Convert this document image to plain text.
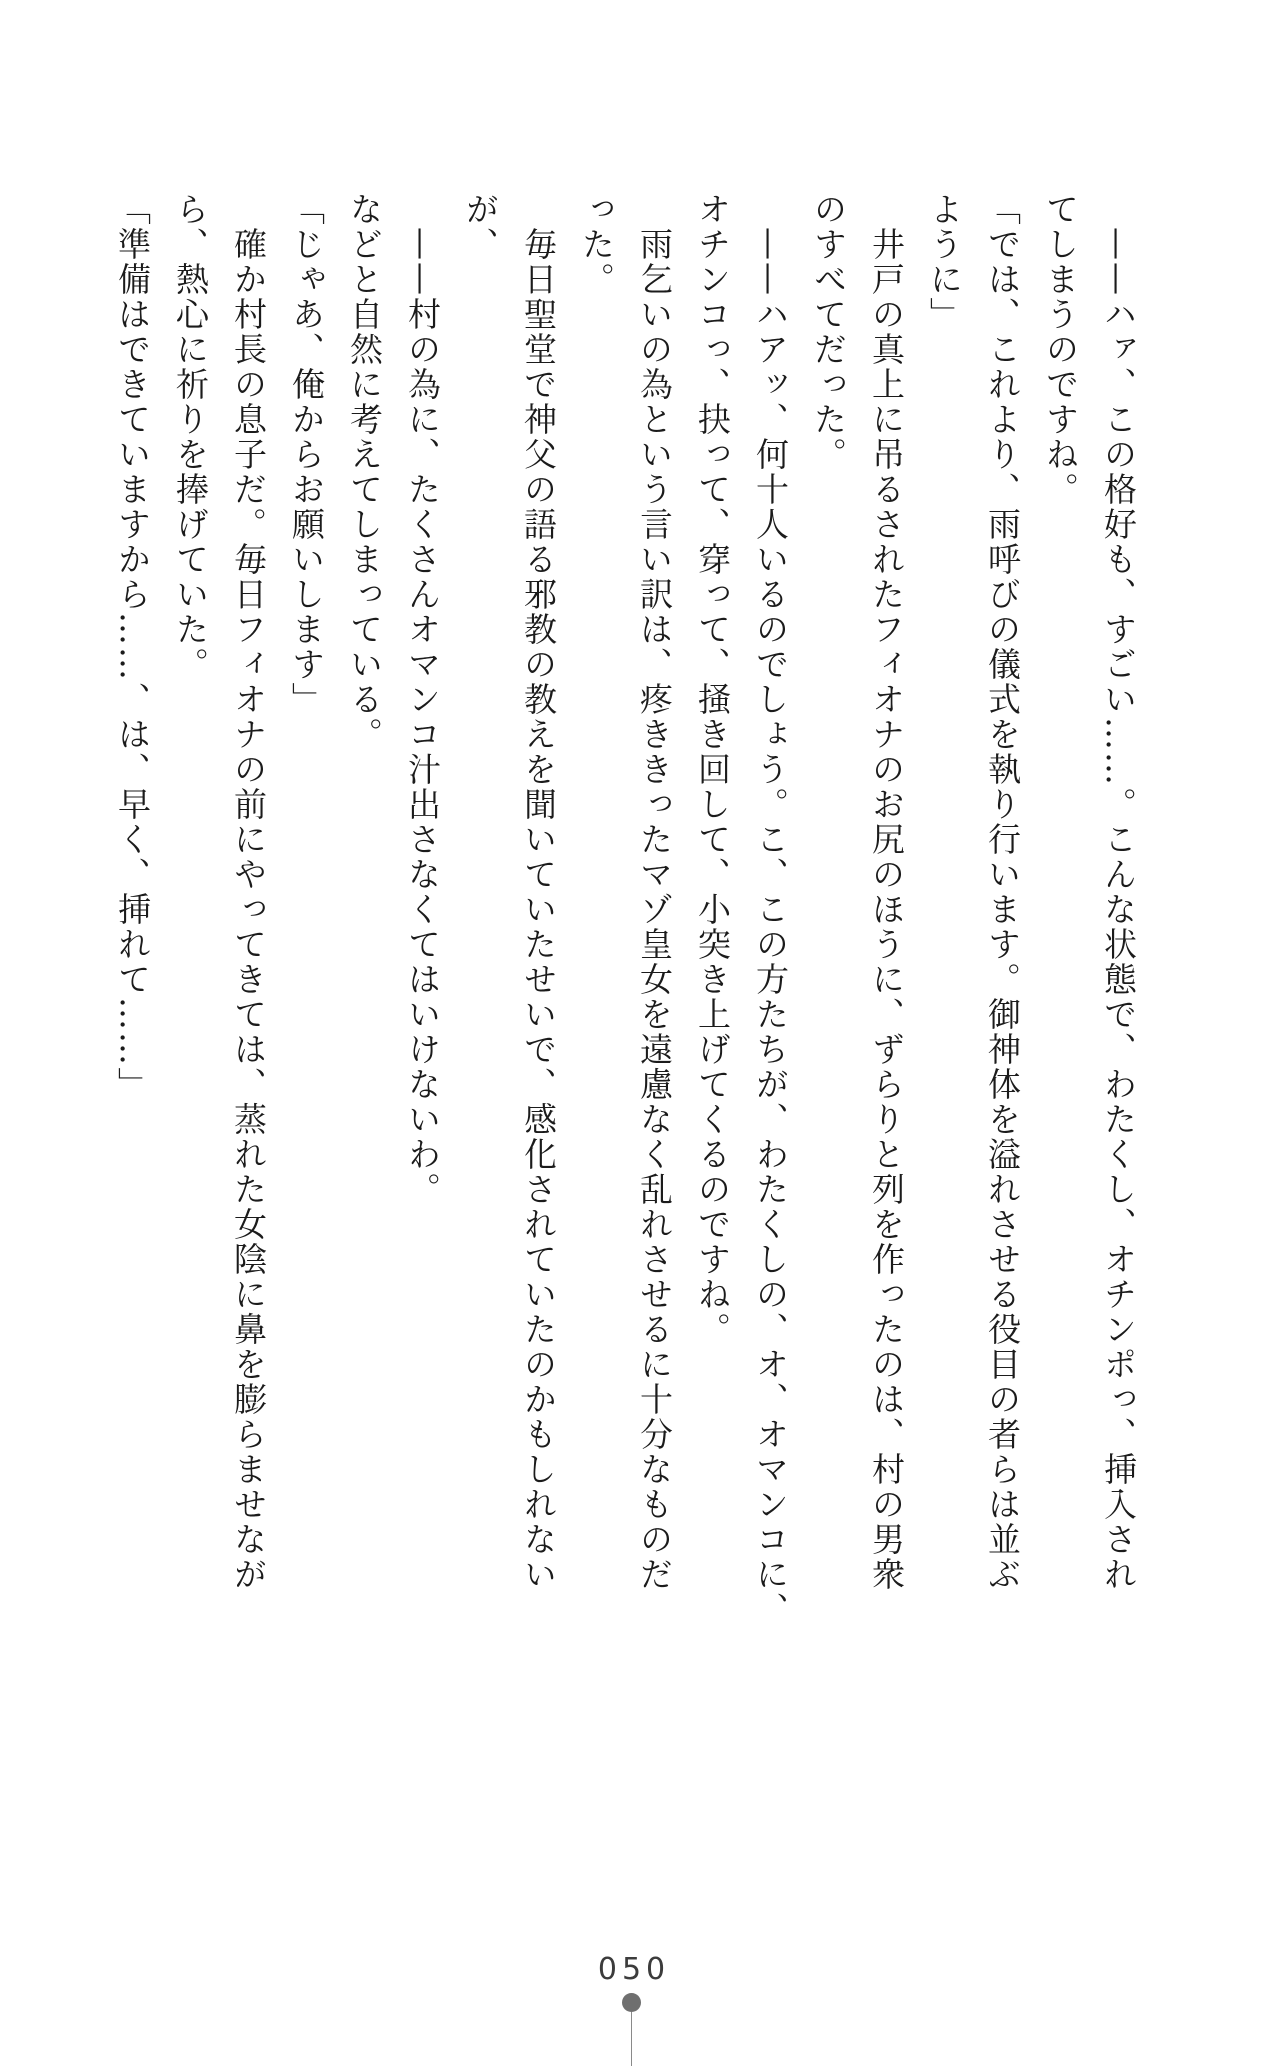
　——ハァ、この格好も、すごい……。こんな状態で、わたくし、オチンポっ、挿入され

てしまうのですね。

「では、これより、雨呼びの儀式を執り行います。御神体を溢れさせる役目の者らは並ぶ

ように」

　井戸の真上に吊るされたフィオナのお尻のほうに、ずらりと列を作ったのは、村の男衆

のすべてだった。

　——ハアッ、何十人いるのでしょう。こ、この方たちが、わたくしの、オ、オマンコに、

オチンコっ、抉って、穿って、掻き回して、小突き上げてくるのですね。

　雨乞いの為という言い訳は、疼ききったマゾ皇女を遠慮なく乱れさせるに十分なものだ

った。

　毎日聖堂で神父の語る邪教の教えを聞いていたせいで、感化されていたのかもしれない

が、

　——村の為に、たくさんオマンコ汁出さなくてはいけないわ。

などと自然に考えてしまっている。

「じゃあ、俺からお願いします」

　確か村長の息子だ。毎日フィオナの前にやってきては、蒸れた女陰に鼻を膨らませなが

ら、熱心に祈りを捧げていた。

「準備はできていますから……、は、早く、挿れて……」

050
